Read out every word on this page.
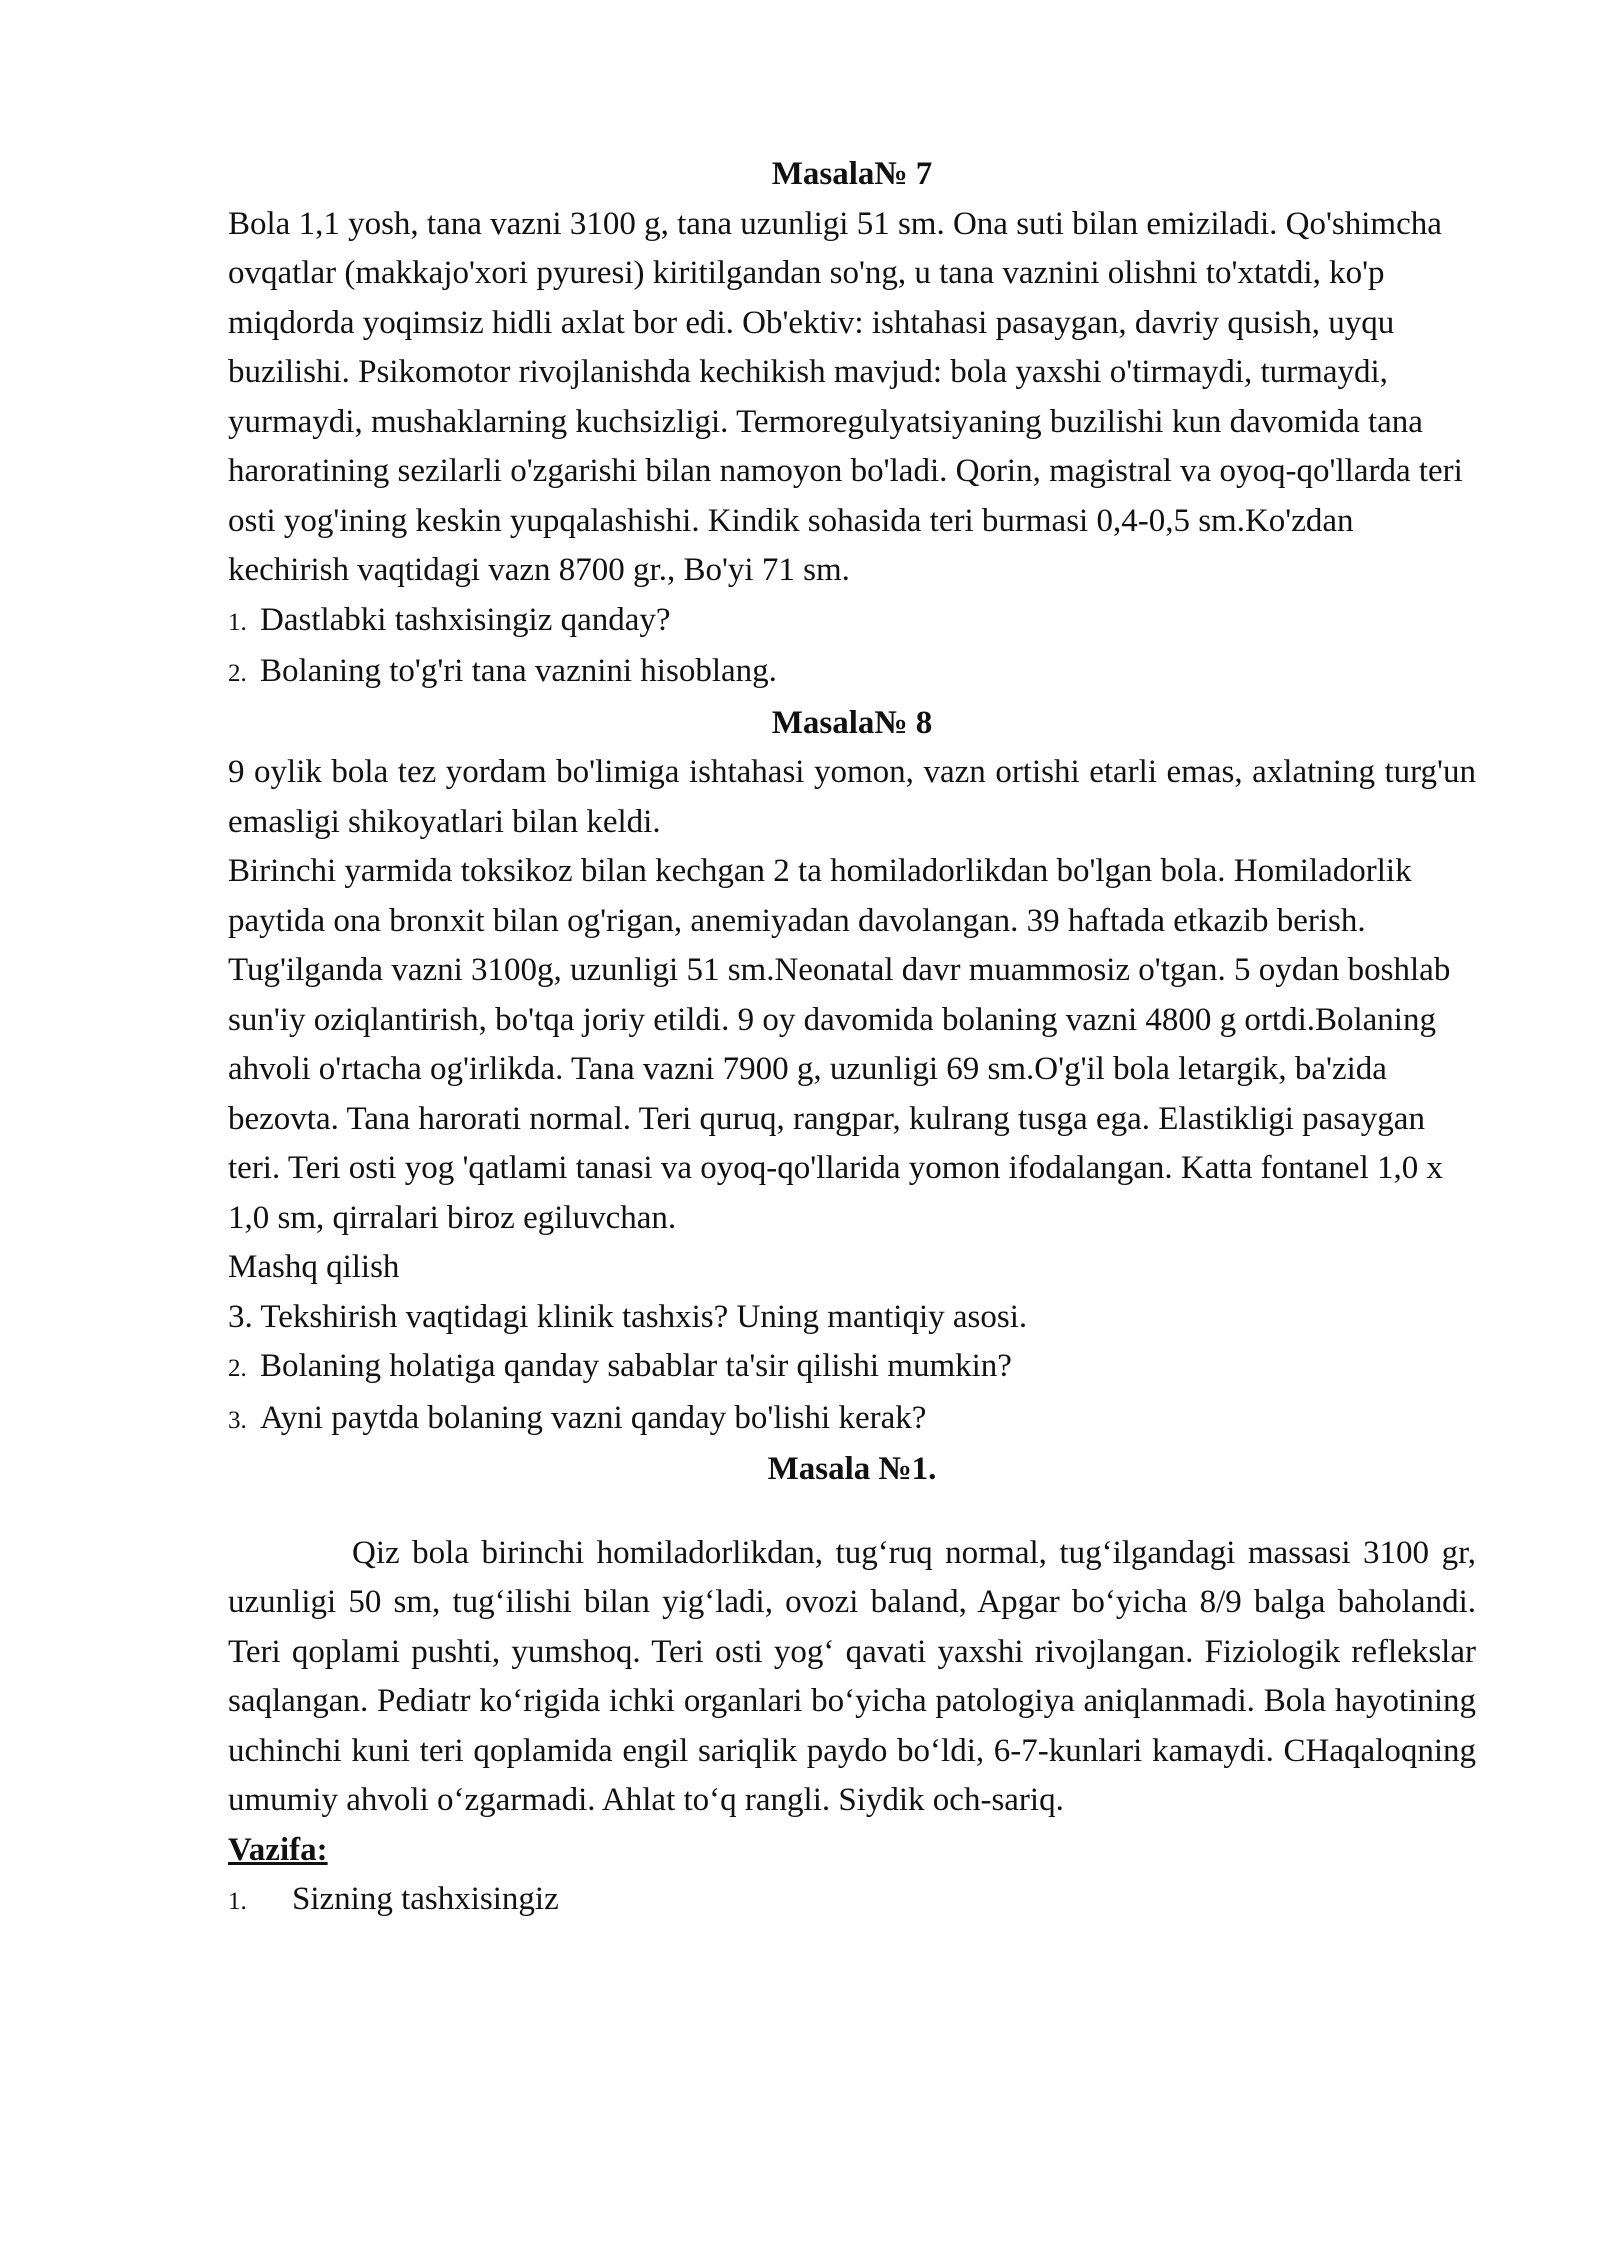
Masala№ 7

Bola 1,1 yosh, tana vazni 3100 g, tana uzunligi 51 sm. Ona suti bilan emiziladi. Qo'shimcha ovqatlar (makkajo'xori pyuresi) kiritilgandan so'ng, u tana vaznini olishni to'xtatdi, ko'p miqdorda yoqimsiz hidli axlat bor edi. Ob'ektiv: ishtahasi pasaygan, davriy qusish, uyqu buzilishi. Psikomotor rivojlanishda kechikish mavjud: bola yaxshi o'tirmaydi, turmaydi, yurmaydi, mushaklarning kuchsizligi. Termoregulyatsiyaning buzilishi kun davomida tana haroratining sezilarli o'zgarishi bilan namoyon bo'ladi. Qorin, magistral va oyoq-qo'llarda teri osti yog'ining keskin yupqalashishi. Kindik sohasida teri burmasi 0,4-0,5 sm.Ko'zdan kechirish vaqtidagi vazn 8700 gr., Bo'yi 71 sm.

1. Dastlabki tashxisingiz qanday?

2. Bolaning to'g'ri tana vaznini hisoblang.

Masala№ 8

9 oylik bola tez yordam bo'limiga ishtahasi yomon, vazn ortishi etarli emas, axlatning turg'un emasligi shikoyatlari bilan keldi.

Birinchi yarmida toksikoz bilan kechgan 2 ta homiladorlikdan bo'lgan bola. Homiladorlik paytida ona bronxit bilan og'rigan, anemiyadan davolangan. 39 haftada etkazib berish. Tug'ilganda vazni 3100g, uzunligi 51 sm.Neonatal davr muammosiz o'tgan. 5 oydan boshlab sun'iy oziqlantirish, bo'tqa joriy etildi. 9 oy davomida bolaning vazni 4800 g ortdi.Bolaning ahvoli o'rtacha og'irlikda. Tana vazni 7900 g, uzunligi 69 sm.O'g'il bola letargik, ba'zida bezovta. Tana harorati normal. Teri quruq, rangpar, kulrang tusga ega. Elastikligi pasaygan teri. Teri osti yog 'qatlami tanasi va oyoq-qo'llarida yomon ifodalangan. Katta fontanel 1,0 x 1,0 sm, qirralari biroz egiluvchan.

Mashq qilish

3. Tekshirish vaqtidagi klinik tashxis? Uning mantiqiy asosi.

2. Bolaning holatiga qanday sabablar ta'sir qilishi mumkin?

3. Ayni paytda bolaning vazni qanday bo'lishi kerak?

Masala №1.

Qiz bola birinchi homiladorlikdan, tug‘ruq normal, tug‘ilgandagi massasi 3100 gr, uzunligi 50 sm, tug‘ilishi bilan yig‘ladi, ovozi baland, Apgar bo‘yicha 8/9 balga baholandi. Teri qoplami pushti, yumshoq. Teri osti yog‘ qavati yaxshi rivojlangan. Fiziologik reflekslar saqlangan. Pediatr ko‘rigida ichki organlari bo‘yicha patologiya aniqlanmadi. Bola hayotining uchinchi kuni teri qoplamida engil sariqlik paydo bo‘ldi, 6-7-kunlari kamaydi. CHaqaloqning umumiy ahvoli o‘zgarmadi. Ahlat to‘q rangli. Siydik och-sariq.

Vazifa:

1. Sizning tashxisingiz
